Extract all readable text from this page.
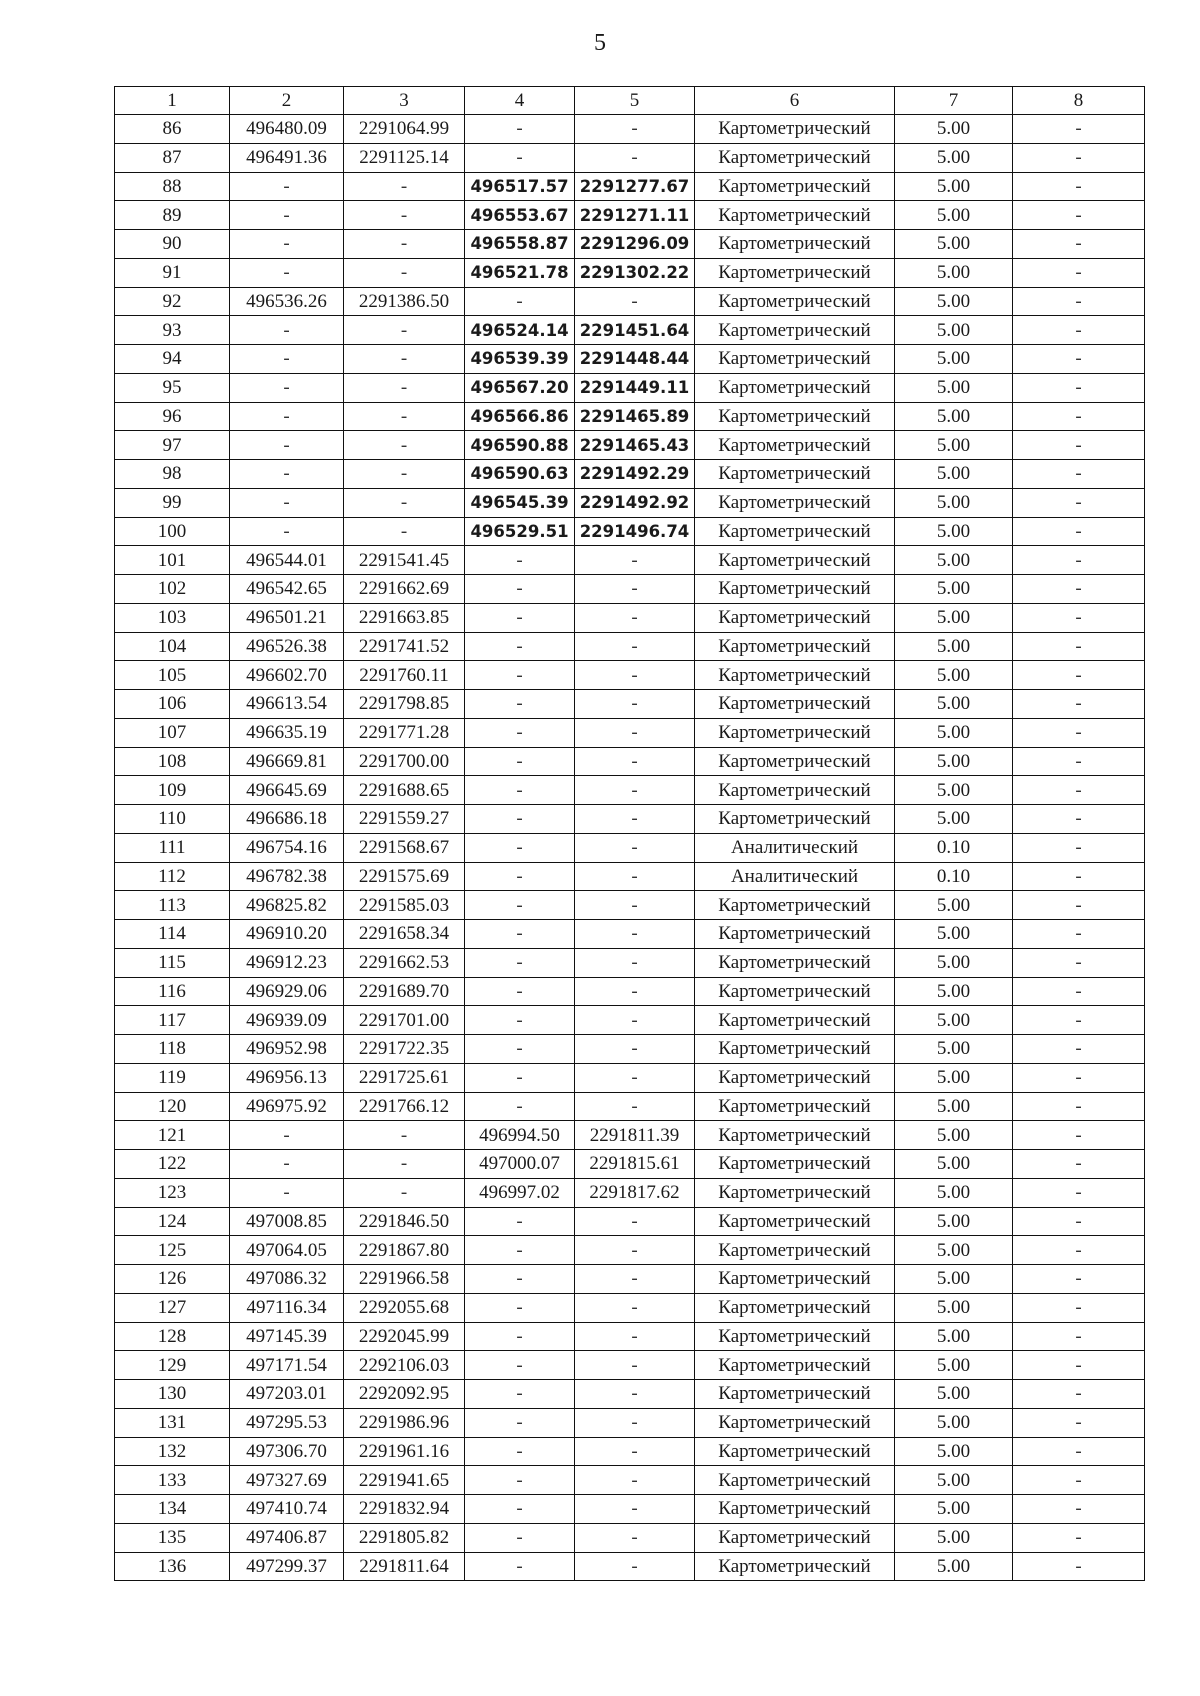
5
1	2	3	4	5	6	7	8
86	496480.09	2291064.99	-	-	Картометрический	5.00	-
87	496491.36	2291125.14	-	-	Картометрический	5.00	-
88	-	-	496517.57	2291277.67	Картометрический	5.00	-
89	-	-	496553.67	2291271.11	Картометрический	5.00	-
90	-	-	496558.87	2291296.09	Картометрический	5.00	-
91	-	-	496521.78	2291302.22	Картометрический	5.00	-
92	496536.26	2291386.50	-	-	Картометрический	5.00	-
93	-	-	496524.14	2291451.64	Картометрический	5.00	-
94	-	-	496539.39	2291448.44	Картометрический	5.00	-
95	-	-	496567.20	2291449.11	Картометрический	5.00	-
96	-	-	496566.86	2291465.89	Картометрический	5.00	-
97	-	-	496590.88	2291465.43	Картометрический	5.00	-
98	-	-	496590.63	2291492.29	Картометрический	5.00	-
99	-	-	496545.39	2291492.92	Картометрический	5.00	-
100	-	-	496529.51	2291496.74	Картометрический	5.00	-
101	496544.01	2291541.45	-	-	Картометрический	5.00	-
102	496542.65	2291662.69	-	-	Картометрический	5.00	-
103	496501.21	2291663.85	-	-	Картометрический	5.00	-
104	496526.38	2291741.52	-	-	Картометрический	5.00	-
105	496602.70	2291760.11	-	-	Картометрический	5.00	-
106	496613.54	2291798.85	-	-	Картометрический	5.00	-
107	496635.19	2291771.28	-	-	Картометрический	5.00	-
108	496669.81	2291700.00	-	-	Картометрический	5.00	-
109	496645.69	2291688.65	-	-	Картометрический	5.00	-
110	496686.18	2291559.27	-	-	Картометрический	5.00	-
111	496754.16	2291568.67	-	-	Аналитический	0.10	-
112	496782.38	2291575.69	-	-	Аналитический	0.10	-
113	496825.82	2291585.03	-	-	Картометрический	5.00	-
114	496910.20	2291658.34	-	-	Картометрический	5.00	-
115	496912.23	2291662.53	-	-	Картометрический	5.00	-
116	496929.06	2291689.70	-	-	Картометрический	5.00	-
117	496939.09	2291701.00	-	-	Картометрический	5.00	-
118	496952.98	2291722.35	-	-	Картометрический	5.00	-
119	496956.13	2291725.61	-	-	Картометрический	5.00	-
120	496975.92	2291766.12	-	-	Картометрический	5.00	-
121	-	-	496994.50	2291811.39	Картометрический	5.00	-
122	-	-	497000.07	2291815.61	Картометрический	5.00	-
123	-	-	496997.02	2291817.62	Картометрический	5.00	-
124	497008.85	2291846.50	-	-	Картометрический	5.00	-
125	497064.05	2291867.80	-	-	Картометрический	5.00	-
126	497086.32	2291966.58	-	-	Картометрический	5.00	-
127	497116.34	2292055.68	-	-	Картометрический	5.00	-
128	497145.39	2292045.99	-	-	Картометрический	5.00	-
129	497171.54	2292106.03	-	-	Картометрический	5.00	-
130	497203.01	2292092.95	-	-	Картометрический	5.00	-
131	497295.53	2291986.96	-	-	Картометрический	5.00	-
132	497306.70	2291961.16	-	-	Картометрический	5.00	-
133	497327.69	2291941.65	-	-	Картометрический	5.00	-
134	497410.74	2291832.94	-	-	Картометрический	5.00	-
135	497406.87	2291805.82	-	-	Картометрический	5.00	-
136	497299.37	2291811.64	-	-	Картометрический	5.00	-
